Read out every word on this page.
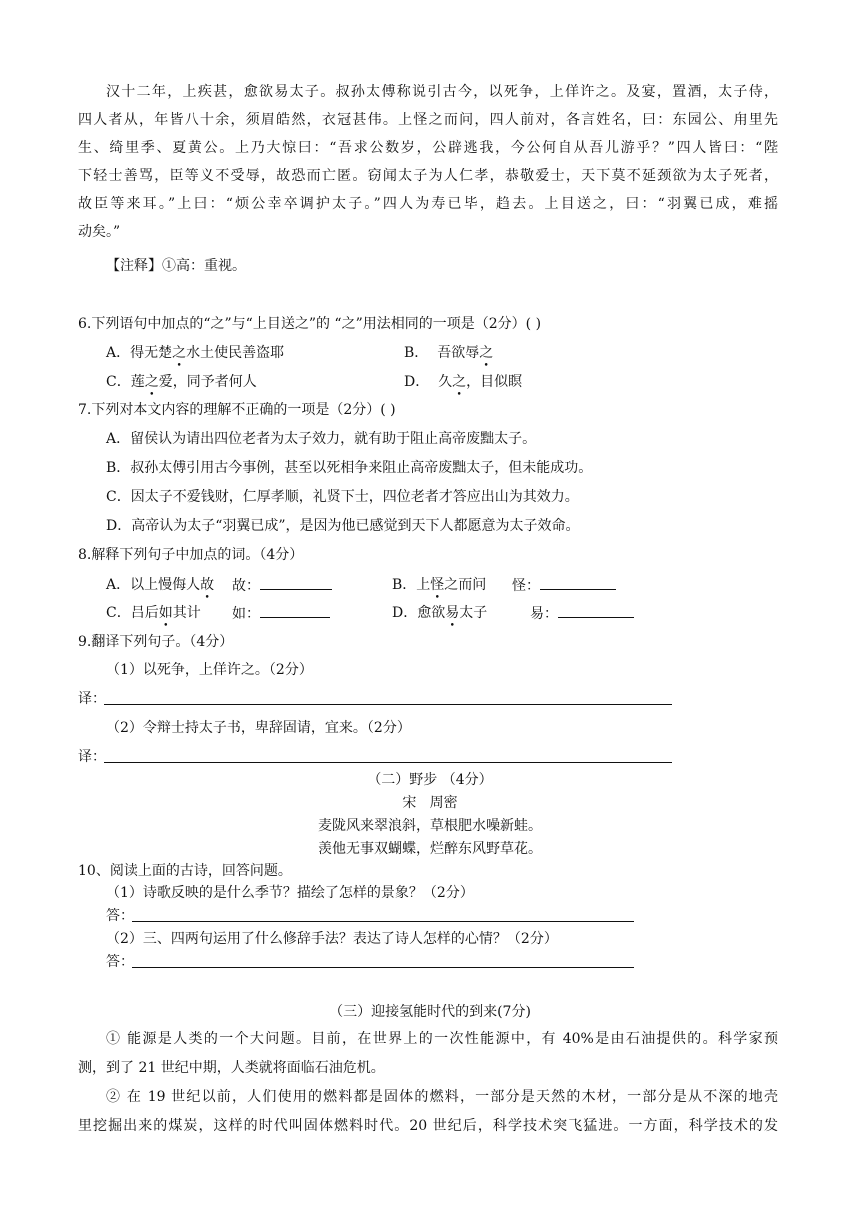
汉十二年，上疾甚，愈欲易太子。叔孙太傅称说引古今，以死争，上佯许之。及宴，置酒，太子侍，
四人者从，年皆八十余，须眉皓然，衣冠甚伟。上怪之而问，四人前对，各言姓名，曰：东园公、甪里先
生、绮里季、夏黄公。上乃大惊曰：“吾求公数岁，公辟逃我，今公何自从吾儿游乎？”四人皆曰：“陛
下轻士善骂，臣等义不受辱，故恐而亡匿。窃闻太子为人仁孝，恭敬爱士，天下莫不延颈欲为太子死者，
故臣等来耳。”上曰：“烦公幸卒调护太子。”四人为寿已毕，趋去。上目送之，曰：“羽翼已成，难摇
动矣。”
【注释】①高：重视。
6.下列语句中加点的“之”与“上目送之”的 “之”用法相同的一项是（2分）( )
A．得无楚之水土使民善盗耶	B．  吾欲辱之
C．莲之爱，同予者何人	D．  久之，目似瞑
7.下列对本文内容的理解不正确的一项是（2分）( )
A．留侯认为请出四位老者为太子效力，就有助于阻止高帝废黜太子。
B．叔孙太傅引用古今事例，甚至以死相争来阻止高帝废黜太子，但未能成功。
C．因太子不爱钱财，仁厚孝顺，礼贤下士，四位老者才答应出山为其效力。
D．高帝认为太子“羽翼已成”，是因为他已感觉到天下人都愿意为太子效命。
8.解释下列句子中加点的词。（4分）
A．以上慢侮人故 故：	B．上怪之而问 怪：
C．吕后如其计 如：	D．愈欲易太子	易：
9.翻译下列句子。（4分）
（1）以死争，上佯许之。（2分）
译：
（2）令辩士持太子书，卑辞固请，宜来。（2分）
译：
（二）野步 （4分）
宋   周密
麦陇风来翠浪斜，草根肥水噪新蛙。
羡他无事双蝴蝶，烂醉东风野草花。
10、阅读上面的古诗，回答问题。
（1）诗歌反映的是什么季节？描绘了怎样的景象？（2分）
答：
（2）三、四两句运用了什么修辞手法？表达了诗人怎样的心情？（2分）
答：
（三）迎接氢能时代的到来(7分)
① 能源是人类的一个大问题。目前，在世界上的一次性能源中，有 40%是由石油提供的。科学家预
测，到了 21 世纪中期，人类就将面临石油危机。
② 在 19 世纪以前，人们使用的燃料都是固体的燃料，一部分是天然的木材，一部分是从不深的地壳
里挖掘出来的煤炭，这样的时代叫固体燃料时代。20 世纪后，科学技术突飞猛进。一方面，科学技术的发
